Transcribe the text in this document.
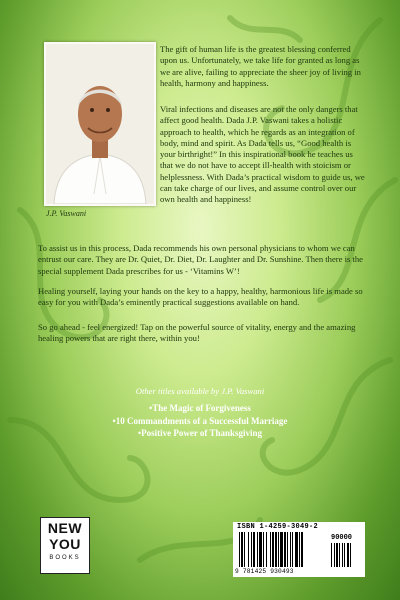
J.P. Vaswani

The gift of human life is the greatest blessing conferred upon us. Unfortunately, we take life for granted as long as we are alive, failing to appreciate the sheer joy of living in health, harmony and happiness.

Viral infections and diseases are not the only dangers that affect good health. Dada J.P. Vaswani takes a holistic approach to health, which he regards as an integration of body, mind and spirit. As Dada tells us, “Good health is your birthright!” In this inspirational book he teaches us that we do not have to accept ill-health with stoicism or helplessness. With Dada’s practical wisdom to guide us, we can take charge of our lives, and assume control over our own health and happiness!

To assist us in this process, Dada recommends his own personal physicians to whom we can entrust our care. They are Dr. Quiet, Dr. Diet, Dr. Laughter and Dr. Sunshine. Then there is the special supplement Dada prescribes for us - ‘Vitamins W’!

Healing yourself, laying your hands on the key to a happy, healthy, harmonious life is made so easy for you with Dada’s eminently practical suggestions available on hand.

So go ahead - feel energized! Tap on the powerful source of vitality, energy and the amazing healing powers that are right there, within you!

Other titles available by J.P. Vaswani
•The Magic of Forgiveness
•10 Commandments of a Successful Marriage
•Positive Power of Thanksgiving
NEW
YOU
BOOKS
ISBN 1-4259-3049-2
90000
9 781425 930493
